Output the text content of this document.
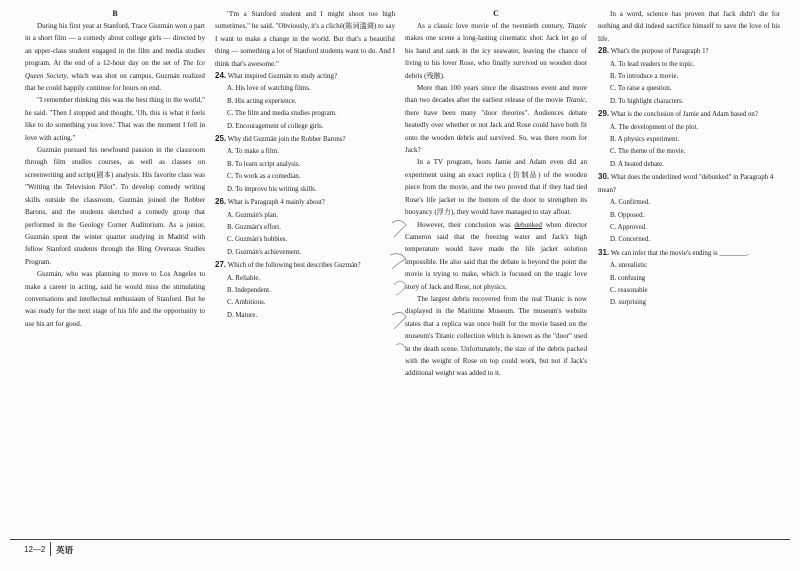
B

During his first year at Stanford, Trace Guzmán won a part in a short film — a comedy about college girls — directed by an upper-class student engaged in the film and media studies program. At the end of a 12-hour day on the set of The Ice Queen Society, which was shot on campus, Guzmán realized that he could happily continue for hours on end.

"I remember thinking this was the best thing in the world," he said. "Then I stopped and thought, 'Oh, this is what it feels like to do something you love.' That was the moment I fell in love with acting."

Guzmán pursued his newfound passion in the classroom through film studies courses, as well as classes on screenwriting and script(剧本) analysis. His favorite class was "Writing the Television Pilot". To develop comedy writing skills outside the classroom, Guzmán joined the Robber Barons, and the students sketched a comedy group that performed in the Geology Corner Auditorium. As a junior, Guzmán spent the winter quarter studying in Madrid with fellow Stanford students through the Bing Overseas Studies Program.

Guzmán, who was planning to move to Los Angeles to make a career in acting, said he would miss the stimulating conversations and intellectual enthusiasm of Stanford. But he was ready for the next stage of his life and the opportunity to use his art for good.

"I'm a Stanford student and I might shoot too high sometimes," he said. "Obviously, it's a cliché(陈词滥调) to say I want to make a change in the world. But that's a beautiful thing — something a lot of Stanford students want to do. And I think that's awesome."

24. What inspired Guzmán to study acting?
A. His love of watching films.
B. His acting experience.
C. The film and media studies program.
D. Encouragement of college girls.
25. Why did Guzmán join the Robber Barons?
A. To make a film.
B. To learn script analysis.
C. To work as a comedian.
D. To improve his writing skills.
26. What is Paragraph 4 mainly about?
A. Guzmán's plan.
B. Guzmán's effort.
C. Guzmán's hobbies.
D. Guzmán's achievement.
27. Which of the following best describes Guzmán?
A. Reliable.
B. Independent.
C. Ambitious.
D. Mature.
C

As a classic love movie of the twentieth century, Titanic makes one scene a long-lasting cinematic shot: Jack let go of his hand and sank in the icy seawater, leaving the chance of living to his lover Rose, who finally survived on wooden door debris (残骸).

More than 100 years since the disastrous event and more than two decades after the earliest release of the movie Titanic, there have been many "door theories". Audiences debate heatedly over whether or not Jack and Rose could have both fit onto the wooden debris and survived. So, was there room for Jack?

In a TV program, hosts Jamie and Adam even did an experiment using an exact replica (仿制品) of the wooden piece from the movie, and the two proved that if they had tied Rose's life jacket to the bottom of the door to strengthen its buoyancy (浮力), they would have managed to stay afloat.

However, their conclusion was debunked when director Cameron said that the freezing water and Jack's high temperature would have made the life jacket solution impossible. He also said that the debate is beyond the point the movie is trying to make, which is focused on the tragic love story of Jack and Rose, not physics.

The largest debris recovered from the real Titanic is now displayed in the Maritime Museum. The museum's website states that a replica was once built for the movie based on the museum's Titanic collection which is known as the "door" used in the death scene. Unfortunately, the size of the debris packed with the weight of Rose on top could work, but not if Jack's additional weight was added to it.

In a word, science has proven that Jack didn't die for nothing and did indeed sacrifice himself to save the love of his life.

28. What's the purpose of Paragraph 1?
A. To lead readers to the topic.
B. To introduce a movie.
C. To raise a question.
D. To highlight characters.
29. What is the conclusion of Jamie and Adam based on?
A. The development of the plot.
B. A physics experiment.
C. The theme of the movie.
D. A heated debate.
30. What does the underlined word "debunked" in Paragraph 4 mean?
A. Confirmed.
B. Opposed.
C. Approved.
D. Concerned.
31. We can infer that the movie's ending is ________.
A. unrealistic
B. confusing
C. reasonable
D. surprising
12—2 英语
